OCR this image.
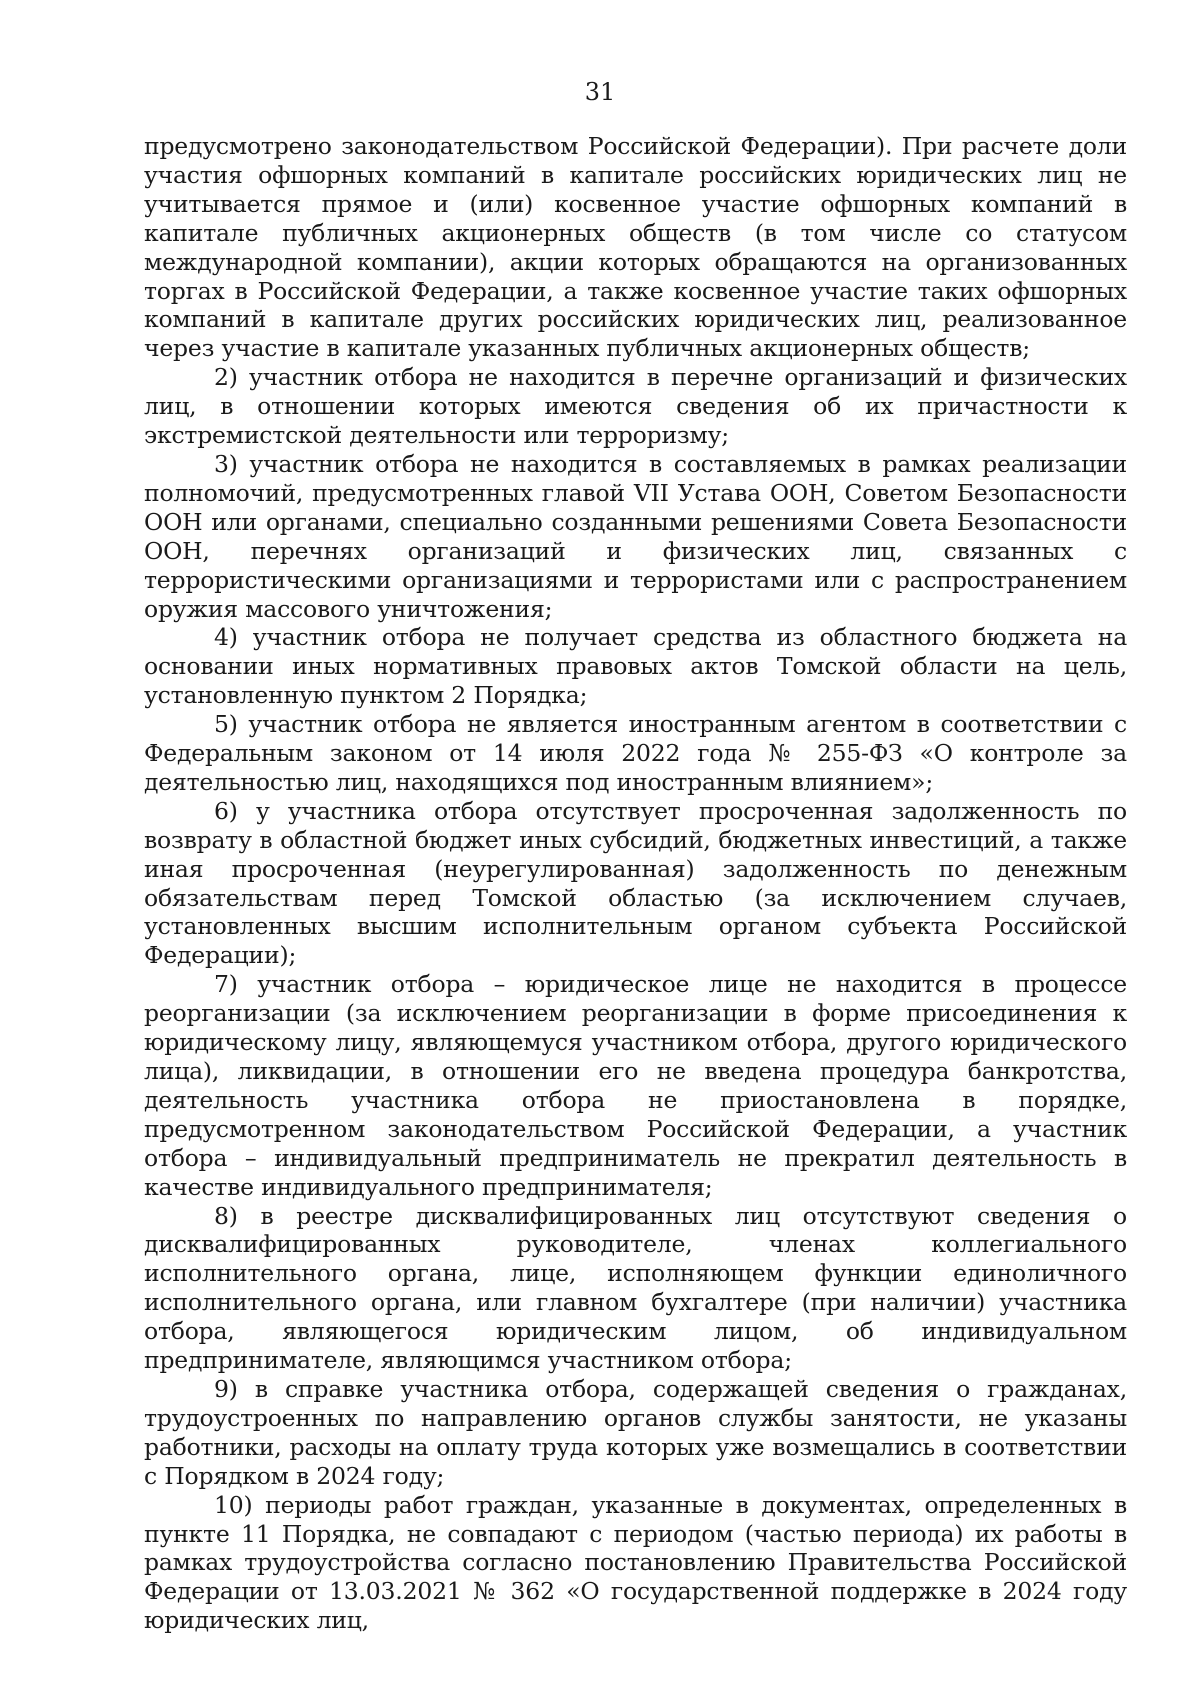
31

предусмотрено законодательством Российской Федерации). При расчете доли участия офшорных компаний в капитале российских юридических лиц не учитывается прямое и (или) косвенное участие офшорных компаний в капитале публичных акционерных обществ (в том числе со статусом международной компании), акции которых обращаются на организованных торгах в Российской Федерации, а также косвенное участие таких офшорных компаний в капитале других российских юридических лиц, реализованное через участие в капитале указанных публичных акционерных обществ;

2) участник отбора не находится в перечне организаций и физических лиц, в отношении которых имеются сведения об их причастности к экстремистской деятельности или терроризму;

3) участник отбора не находится в составляемых в рамках реализации полномочий, предусмотренных главой VII Устава ООН, Советом Безопасности ООН или органами, специально созданными решениями Совета Безопасности ООН, перечнях организаций и физических лиц, связанных с террористическими организациями и террористами или с распространением оружия массового уничтожения;

4) участник отбора не получает средства из областного бюджета на основании иных нормативных правовых актов Томской области на цель, установленную пунктом 2 Порядка;

5) участник отбора не является иностранным агентом в соответствии с Федеральным законом от 14 июля 2022 года № 255-ФЗ «О контроле за деятельностью лиц, находящихся под иностранным влиянием»;

6) у участника отбора отсутствует просроченная задолженность по возврату в областной бюджет иных субсидий, бюджетных инвестиций, а также иная просроченная (неурегулированная) задолженность по денежным обязательствам перед Томской областью (за исключением случаев, установленных высшим исполнительным органом субъекта Российской Федерации);

7) участник отбора – юридическое лице не находится в процессе реорганизации (за исключением реорганизации в форме присоединения к юридическому лицу, являющемуся участником отбора, другого юридического лица), ликвидации, в отношении его не введена процедура банкротства, деятельность участника отбора не приостановлена в порядке, предусмотренном законодательством Российской Федерации, а участник отбора – индивидуальный предприниматель не прекратил деятельность в качестве индивидуального предпринимателя;

8) в реестре дисквалифицированных лиц отсутствуют сведения о дисквалифицированных руководителе, членах коллегиального исполнительного органа, лице, исполняющем функции единоличного исполнительного органа, или главном бухгалтере (при наличии) участника отбора, являющегося юридическим лицом, об индивидуальном предпринимателе, являющимся участником отбора;

9) в справке участника отбора, содержащей сведения о гражданах, трудоустроенных по направлению органов службы занятости, не указаны работники, расходы на оплату труда которых уже возмещались в соответствии с Порядком в 2024 году;

10) периоды работ граждан, указанные в документах, определенных в пункте 11 Порядка, не совпадают с периодом (частью периода) их работы в рамках трудоустройства согласно постановлению Правительства Российской Федерации от 13.03.2021 № 362 «О государственной поддержке в 2024 году юридических лиц,
